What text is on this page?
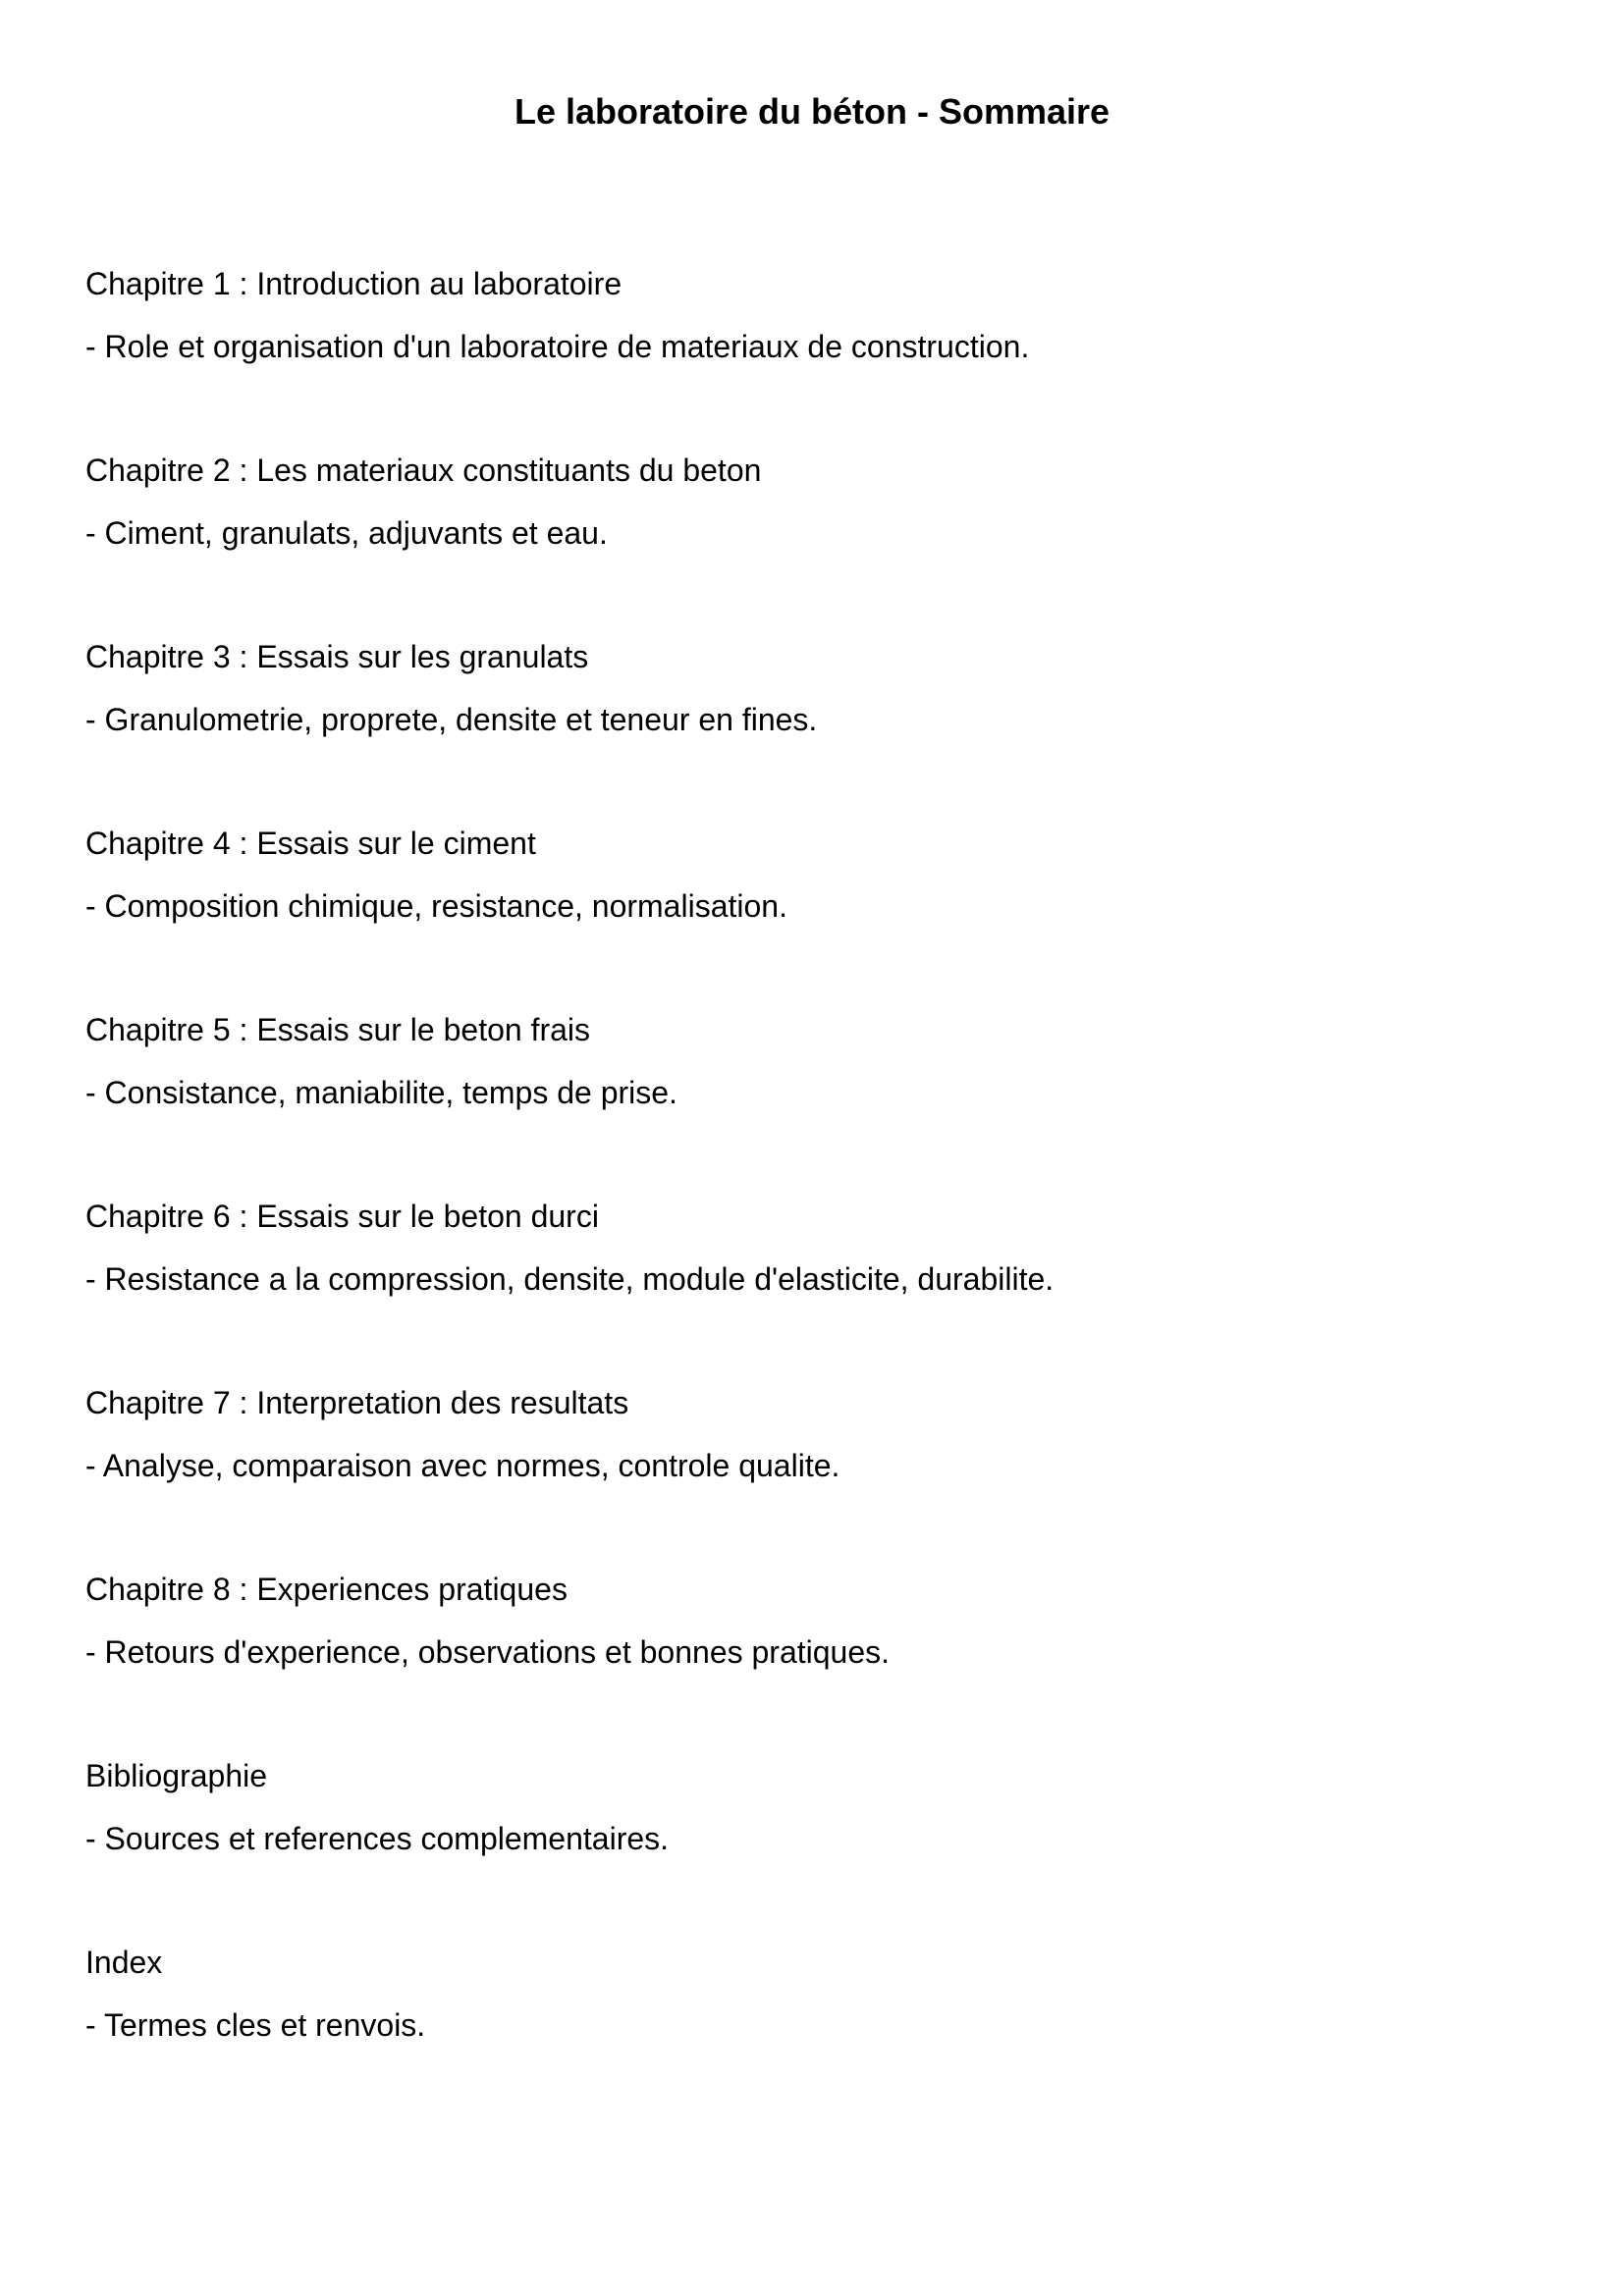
Le laboratoire du béton - Sommaire
Chapitre 1 : Introduction au laboratoire
- Role et organisation d'un laboratoire de materiaux de construction.
Chapitre 2 : Les materiaux constituants du beton
- Ciment, granulats, adjuvants et eau.
Chapitre 3 : Essais sur les granulats
- Granulometrie, proprete, densite et teneur en fines.
Chapitre 4 : Essais sur le ciment
- Composition chimique, resistance, normalisation.
Chapitre 5 : Essais sur le beton frais
- Consistance, maniabilite, temps de prise.
Chapitre 6 : Essais sur le beton durci
- Resistance a la compression, densite, module d'elasticite, durabilite.
Chapitre 7 : Interpretation des resultats
- Analyse, comparaison avec normes, controle qualite.
Chapitre 8 : Experiences pratiques
- Retours d'experience, observations et bonnes pratiques.
Bibliographie
- Sources et references complementaires.
Index
- Termes cles et renvois.
